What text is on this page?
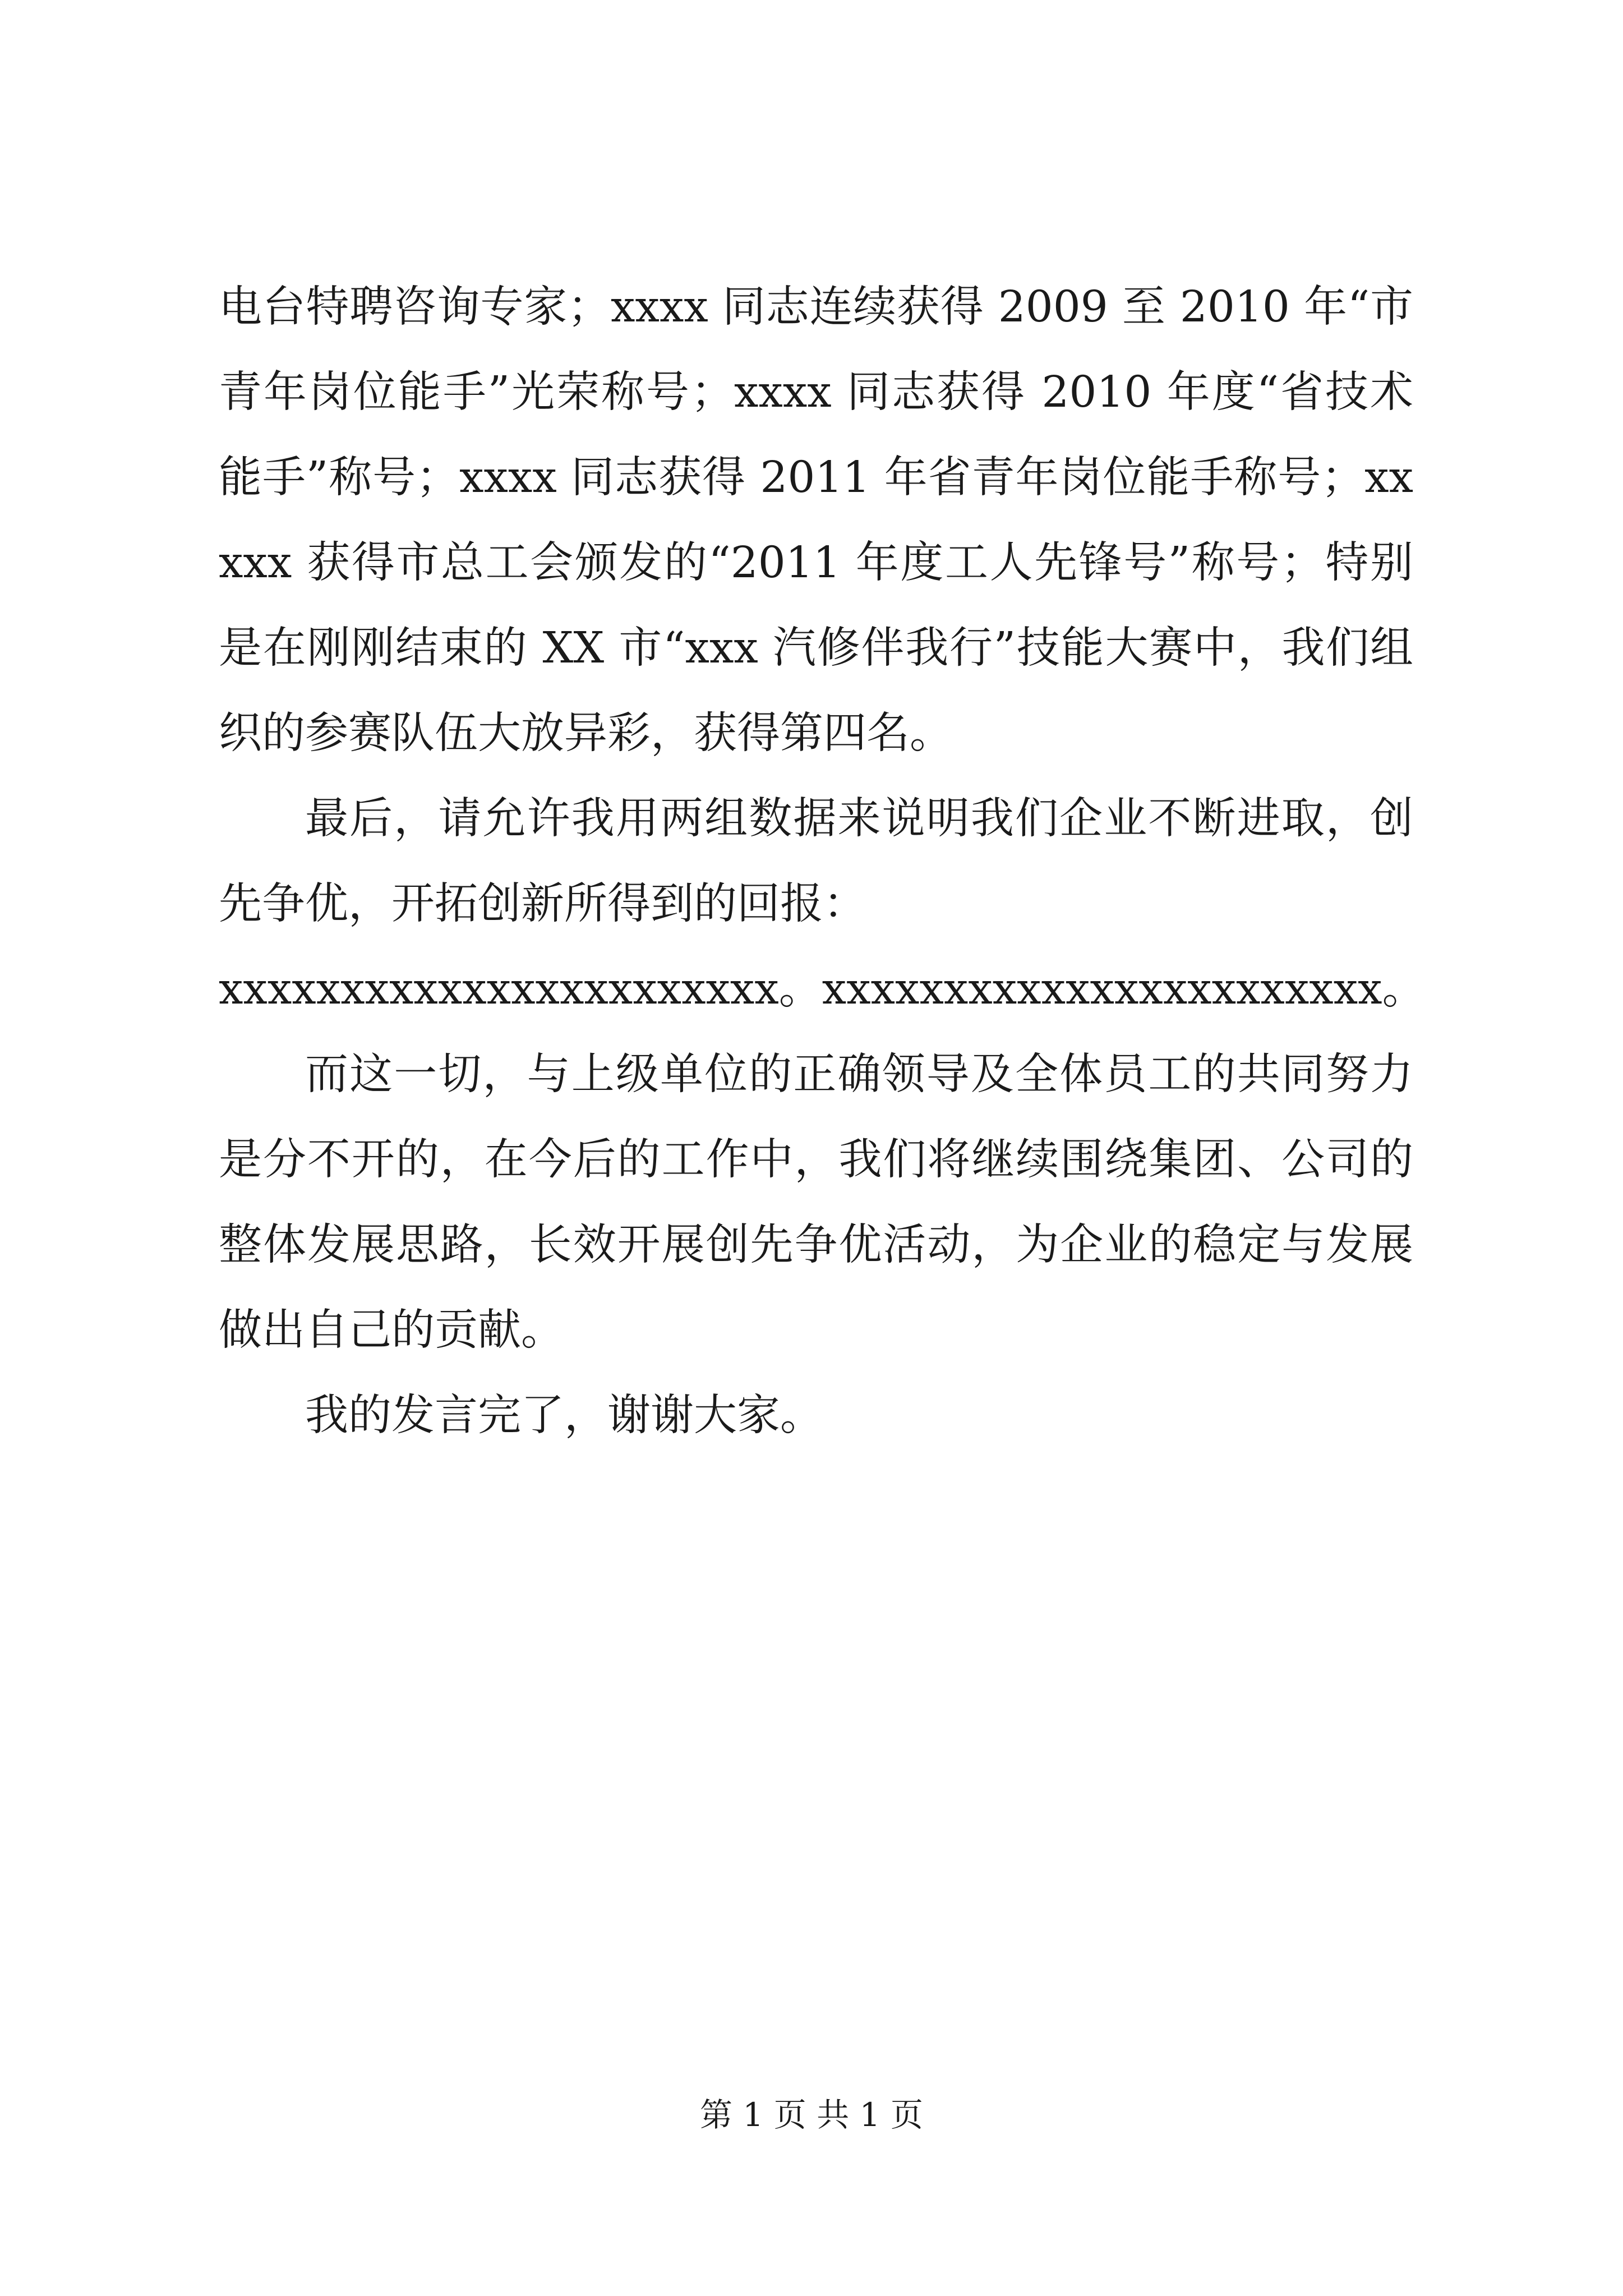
电台特聘咨询专家；xxxx 同志连续获得 2009 至 2010 年“市青年岗位能手”光荣称号；xxxx 同志获得 2010 年度“省技术能手”称号；xxxx 同志获得 2011 年省青年岗位能手称号；xxxxx 获得市总工会颁发的“2011 年度工人先锋号”称号；特别是在刚刚结束的 XX 市“xxx 汽修伴我行”技能大赛中，我们组织的参赛队伍大放异彩，获得第四名。

最后，请允许我用两组数据来说明我们企业不断进取，创先争优，开拓创新所得到的回报：

xxxxxxxxxxxxxxxxxxxxxxx。xxxxxxxxxxxxxxxxxxxxxxx。

而这一切，与上级单位的正确领导及全体员工的共同努力是分不开的，在今后的工作中，我们将继续围绕集团、公司的整体发展思路，长效开展创先争优活动，为企业的稳定与发展做出自己的贡献。

我的发言完了，谢谢大家。

第 1 页 共 1 页
